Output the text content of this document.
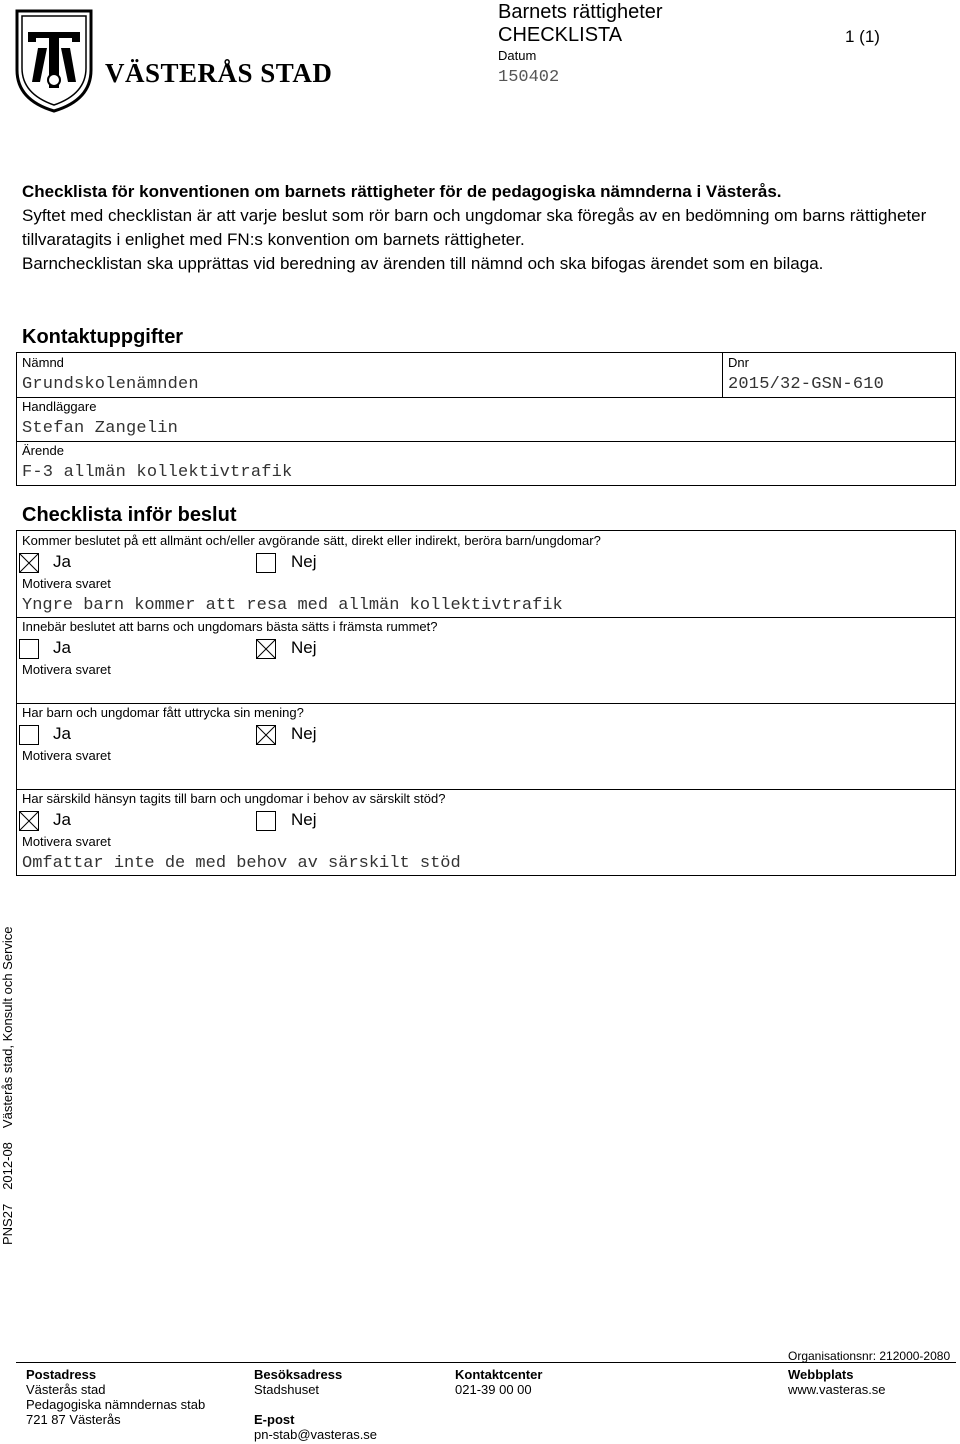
VÄSTERÅS STAD
Barnets rättigheter
CHECKLISTA	1 (1)
Datum
150402

Checklista för konventionen om barnets rättigheter för de pedagogiska nämnderna i Västerås.

Syftet med checklistan är att varje beslut som rör barn och ungdomar ska föregås av en bedömning om barns rättigheter tillvaratagits i enlighet med FN:s konvention om barnets rättigheter.

Barnchecklistan ska upprättas vid beredning av ärenden till nämnd och ska bifogas ärendet som en bilaga.

Kontaktuppgifter
Nämnd
Grundskolenämnden
Dnr
2015/32-GSN-610
Handläggare
Stefan Zangelin
Ärende
F-3 allmän kollektivtrafik
Checklista inför beslut
Kommer beslutet på ett allmänt och/eller avgörande sätt, direkt eller indirekt, beröra barn/ungdomar?
Ja	Nej
Motivera svaret
Yngre barn kommer att resa med allmän kollektivtrafik
Innebär beslutet att barns och ungdomars bästa sätts i främsta rummet?
Ja	Nej
Motivera svaret
Har barn och ungdomar fått uttrycka sin mening?
Ja	Nej
Motivera svaret
Har särskild hänsyn tagits till barn och ungdomar i behov av särskilt stöd?
Ja	Nej
Motivera svaret
Omfattar inte de med behov av särskilt stöd
PNS272012-08Västerås stad, Konsult och Service
Organisationsnr: 212000-2080
Postadress
Västerås stad
Pedagogiska nämndernas stab
721 87 Västerås
Besöksadress
Stadshuset
E-post
pn-stab@vasteras.se
Kontaktcenter
021-39 00 00
Webbplats
www.vasteras.se
